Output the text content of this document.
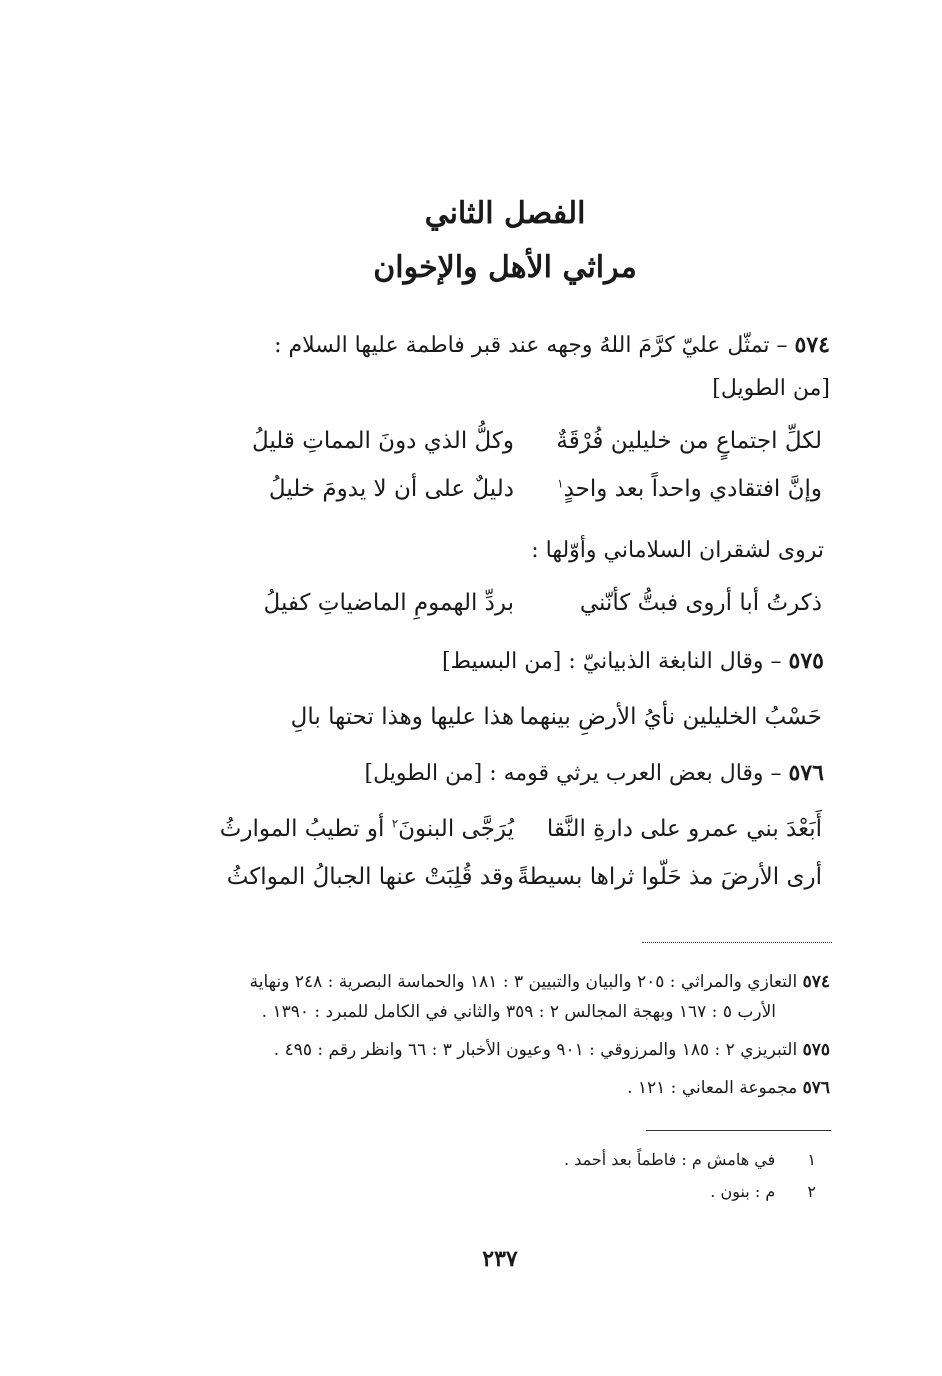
الفصل الثاني
مراثي الأهل والإخوان
٥٧٤ – تمثّل عليّ كرَّمَ اللهُ وجهه عند قبر فاطمة عليها السلام :
[من الطويل]
لكلِّ اجتماعٍ من خليلين فُرْقَةٌ
وكلُّ الذي دونَ المماتِ قليلُ
وإنَّ افتقادي واحداً بعد واحدٍ$^١$
دليلٌ على أن لا يدومَ خليلُ
تروى لشقران السلاماني وأوّلها :
ذكرتُ أبا أروى فبتُّ كأنّني
بردِّ الهمومِ الماضياتِ كفيلُ
٥٧٥ – وقال النابغة الذبيانيّ : [من البسيط]
حَسْبُ الخليلين نأيُ الأرضِ بينهما
هذا عليها وهذا تحتها بالِ
٥٧٦ – وقال بعض العرب يرثي قومه : [من الطويل]
أَبَعْدَ بني عمرو على دارةِ النَّقا
يُرَجَّى البنونَ$^٢$ أو تطيبُ الموارثُ
أرى الأرضَ مذ حَلّوا ثراها بسيطةً
وقد قُلِبَتْ عنها الجبالُ المواكثُ
٥٧٤ التعازي والمراثي : ٢٠٥ والبيان والتبيين ٣ : ١٨١ والحماسة البصرية : ٢٤٨ ونهاية
الأرب ٥ : ١٦٧ وبهجة المجالس ٢ : ٣٥٩ والثاني في الكامل للمبرد : ١٣٩٠ .
٥٧٥ التبريزي ٢ : ١٨٥ والمرزوقي : ٩٠١ وعيون الأخبار ٣ : ٦٦ وانظر رقم : ٤٩٥ .
٥٧٦ مجموعة المعاني : ١٢١ .
١  في هامش م : فاطماً بعد أحمد .
٢  م : بنون .
٢٣٧
